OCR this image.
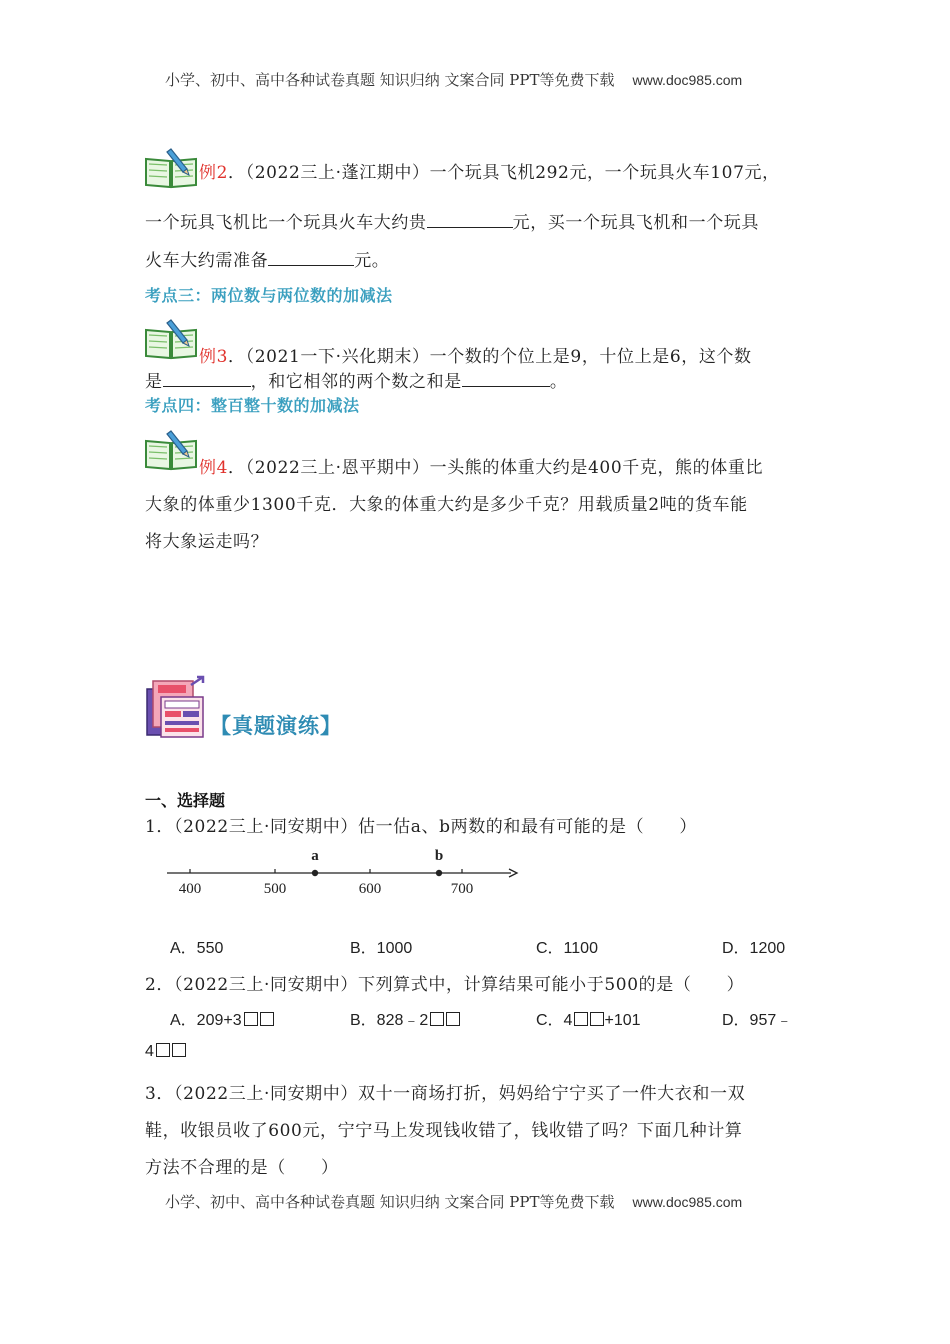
小学、初中、高中各种试卷真题 知识归纳 文案合同 PPT等免费下载 www.doc985.com
例2．（2022三上·蓬江期中）一个玩具飞机292元，一个玩具火车107元，
一个玩具飞机比一个玩具火车大约贵	元，买一个玩具飞机和一个玩具
火车大约需准备	元。
考点三：两位数与两位数的加减法
例3．（2021一下·兴化期末）一个数的个位上是9，十位上是6，这个数
是	，和它相邻的两个数之和是	。
考点四：整百整十数的加减法
例4．（2022三上·恩平期中）一头熊的体重大约是400千克，熊的体重比
大象的体重少1300千克．大象的体重大约是多少千克？用载质量2吨的货车能
将大象运走吗？
【真题演练】
一、选择题
1．（2022三上·同安期中）估一估a、b两数的和最有可能的是（　　）
400	500	600	700
a	b
A．550	B．1000	C．1100	D．1200
2．（2022三上·同安期中）下列算式中，计算结果可能小于500的是（　　）
A．209+3	B．828﹣2	C．4 +101	D．957﹣
4
3．（2022三上·同安期中）双十一商场打折，妈妈给宁宁买了一件大衣和一双
鞋，收银员收了600元，宁宁马上发现钱收错了，钱收错了吗？下面几种计算
方法不合理的是（　　）
小学、初中、高中各种试卷真题 知识归纳 文案合同 PPT等免费下载 www.doc985.com
